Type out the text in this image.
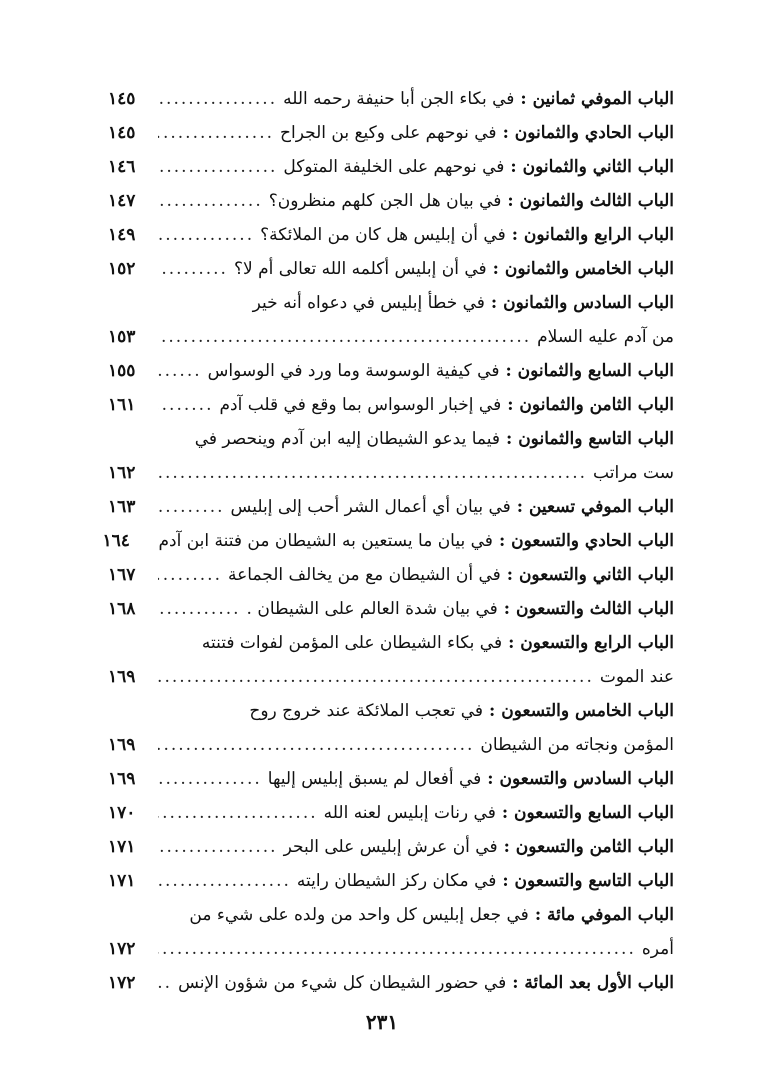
الباب الموفي ثمانين :
في بكاء الجن أبا حنيفة رحمه الله
.....
١٤٥
الباب الحادي والثمانون :
في نوحهم على وكيع بن الجراح
.....
١٤٥
الباب الثاني والثمانون :
في نوحهم على الخليفة المتوكل
.....
١٤٦
الباب الثالث والثمانون :
في بيان هل الجن كلهم منظرون؟
.....
١٤٧
الباب الرابع والثمانون :
في أن إبليس هل كان من الملائكة؟
.....
١٤٩
الباب الخامس والثمانون :
في أن إبليس أكلمه الله تعالى أم لا؟
.....
١٥٢
الباب السادس والثمانون :
في خطأ إبليس في دعواه أنه خير
من آدم عليه السلام
.....
١٥٣
الباب السابع والثمانون :
في كيفية الوسوسة وما ورد في الوسواس
.....
١٥٥
الباب الثامن والثمانون :
في إخبار الوسواس بما وقع في قلب آدم
.....
١٦١
الباب التاسع والثمانون :
فيما يدعو الشيطان إليه ابن آدم وينحصر في
ست مراتب
.....
١٦٢
الباب الموفي تسعين :
في بيان أي أعمال الشر أحب إلى إبليس
.....
١٦٣
الباب الحادي والتسعون :
في بيان ما يستعين به الشيطان من فتنة ابن آدم
١٦٤
الباب الثاني والتسعون :
في أن الشيطان مع من يخالف الجماعة
.....
١٦٧
الباب الثالث والتسعون :
في بيان شدة العالم على الشيطان .
.....
١٦٨
الباب الرابع والتسعون :
في بكاء الشيطان على المؤمن لفوات فتنته
عند الموت
.....
١٦٩
الباب الخامس والتسعون :
في تعجب الملائكة عند خروج روح
المؤمن ونجاته من الشيطان
.....
١٦٩
الباب السادس والتسعون :
في أفعال لم يسبق إبليس إليها
.....
١٦٩
الباب السابع والتسعون :
في رنات إبليس لعنه الله
.....
١٧٠
الباب الثامن والتسعون :
في أن عرش إبليس على البحر
.....
١٧١
الباب التاسع والتسعون :
في مكان ركز الشيطان رايته
.....
١٧١
الباب الموفي مائة :
في جعل إبليس كل واحد من ولده على شيء من
أمره
.....
١٧٢
الباب الأول بعد المائة :
في حضور الشيطان كل شيء من شؤون الإنس
.....
١٧٢
٢٣١
